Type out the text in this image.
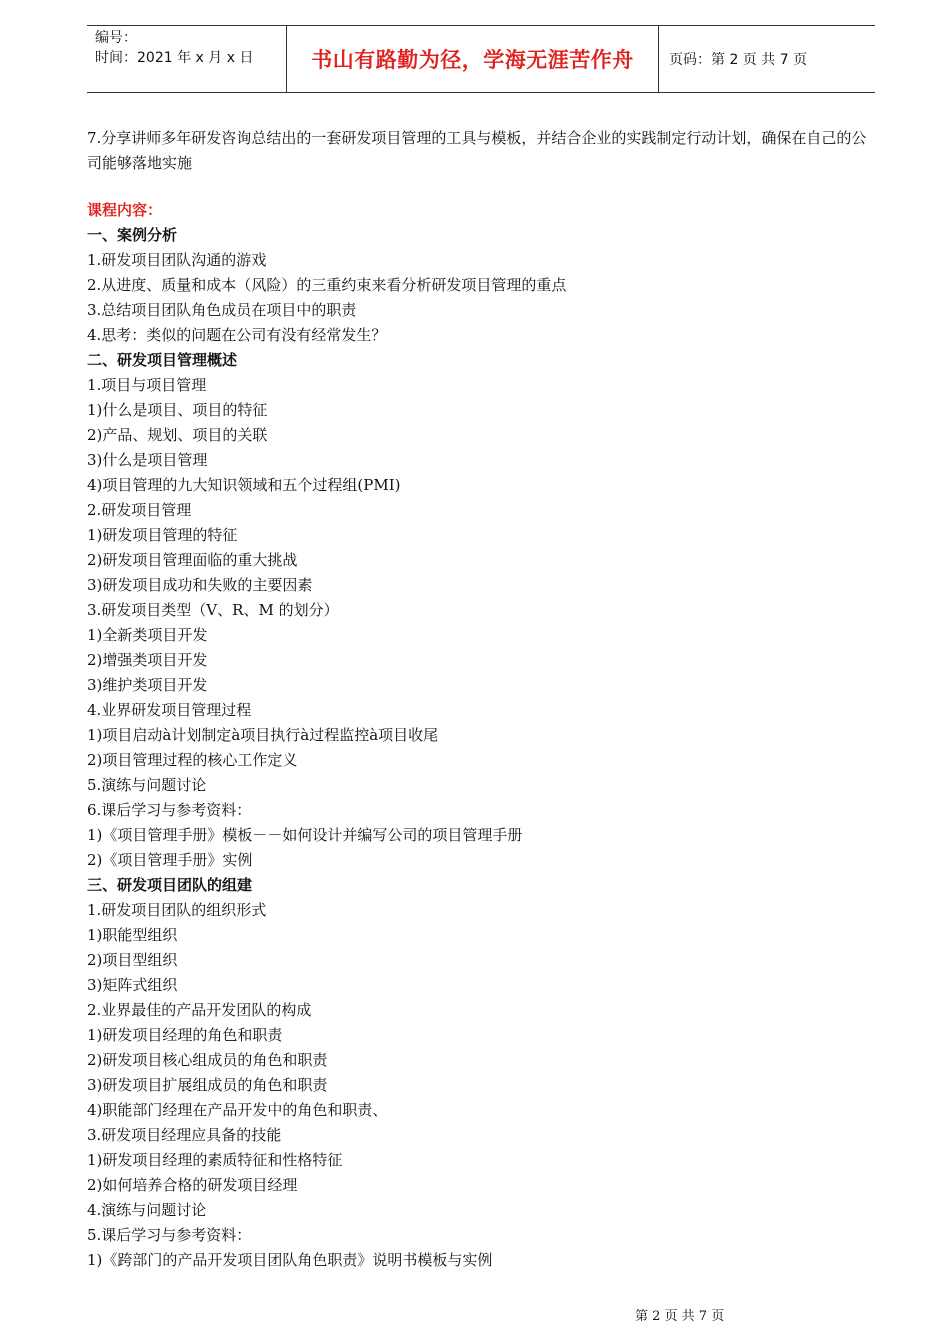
编号：
时间：2021 年 x 月 x 日	书山有路勤为径，学海无涯苦作舟	页码：第 2 页 共 7 页

7.分享讲师多年研发咨询总结出的一套研发项目管理的工具与模板，并结合企业的实践制定行动计划，确保在自己的公司能够落地实施

课程内容：
一、案例分析
1.研发项目团队沟通的游戏
2.从进度、质量和成本（风险）的三重约束来看分析研发项目管理的重点
3.总结项目团队角色成员在项目中的职责
4.思考：类似的问题在公司有没有经常发生？
二、研发项目管理概述
1.项目与项目管理
1)什么是项目、项目的特征
2)产品、规划、项目的关联
3)什么是项目管理
4)项目管理的九大知识领域和五个过程组(PMI)
2.研发项目管理
1)研发项目管理的特征
2)研发项目管理面临的重大挑战
3)研发项目成功和失败的主要因素
3.研发项目类型（V、R、M 的划分）
1)全新类项目开发
2)增强类项目开发
3)维护类项目开发
4.业界研发项目管理过程
1)项目启动à计划制定à项目执行à过程监控à项目收尾
2)项目管理过程的核心工作定义
5.演练与问题讨论
6.课后学习与参考资料：
1)《项目管理手册》模板－－如何设计并编写公司的项目管理手册
2)《项目管理手册》实例
三、研发项目团队的组建
1.研发项目团队的组织形式
1)职能型组织
2)项目型组织
3)矩阵式组织
2.业界最佳的产品开发团队的构成
1)研发项目经理的角色和职责
2)研发项目核心组成员的角色和职责
3)研发项目扩展组成员的角色和职责
4)职能部门经理在产品开发中的角色和职责、
3.研发项目经理应具备的技能
1)研发项目经理的素质特征和性格特征
2)如何培养合格的研发项目经理
4.演练与问题讨论
5.课后学习与参考资料：
1)《跨部门的产品开发项目团队角色职责》说明书模板与实例
第 2 页 共 7 页
